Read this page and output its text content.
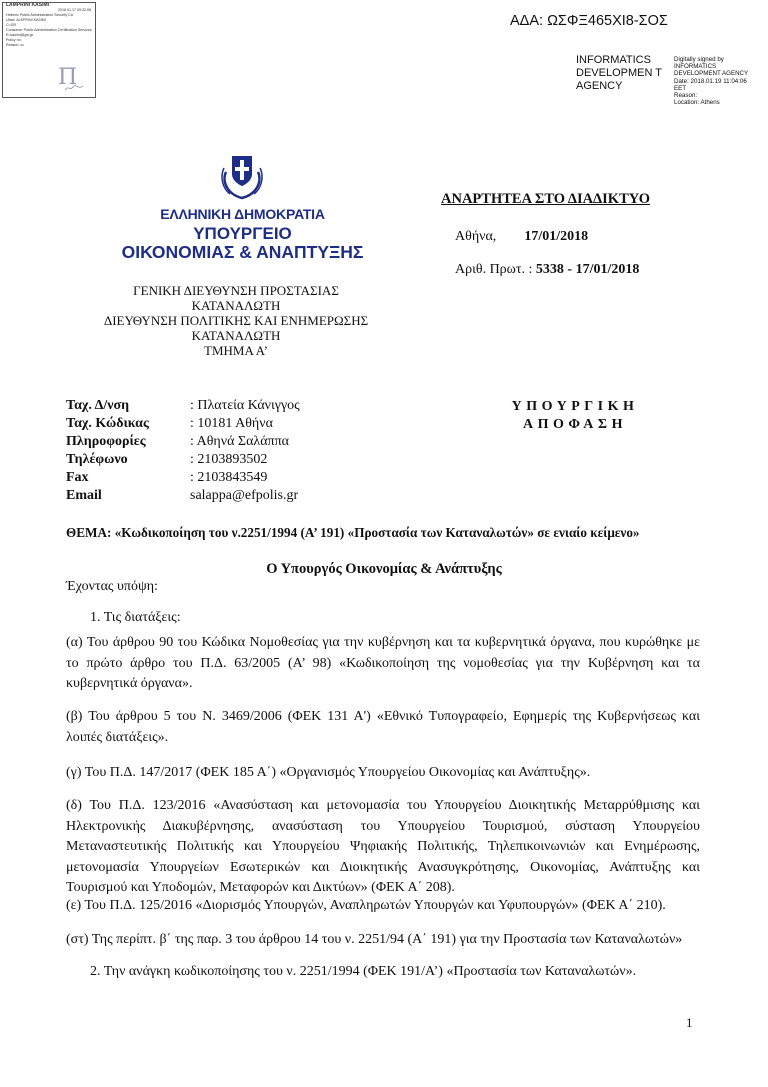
LAMPRINI KASIMI
2018.01.17 09:32:08
Hellenic Public Administration Security CA
Ubsd: ALEPRINI KASIMI
C=GR
Consumer Public Administration Certification Services
E=kasimi@gsi.gr
Policy no:
Reason: cc
Π
ΑΔΑ: ΩΣΦΞ465ΧΙ8-ΣΟΣ
INFORMATICS DEVELOPMEN T AGENCY
Digitally signed by
INFORMATICS
DEVELOPMENT AGENCY
Date: 2018.01.19 11:04:06
EET
Reason:
Location: Athens
ΕΛΛΗΝΙΚΗ ΔΗΜΟΚΡΑΤΙΑ
ΥΠΟΥΡΓΕΙΟ
ΟΙΚΟΝΟΜΙΑΣ & ΑΝΑΠΤΥΞΗΣ
ΑΝΑΡΤΗΤΕΑ ΣΤΟ ΔΙΑΔΙΚΤΥΟ
Αθήνα, 17/01/2018
Αριθ. Πρωτ. : 5338 - 17/01/2018
ΓΕΝΙΚΗ ΔΙΕΥΘΥΝΣΗ ΠΡΟΣΤΑΣΙΑΣ
ΚΑΤΑΝΑΛΩΤΗ
ΔΙΕΥΘΥΝΣΗ ΠΟΛΙΤΙΚΗΣ ΚΑΙ ΕΝΗΜΕΡΩΣΗΣ
ΚΑΤΑΝΑΛΩΤΗ
ΤΜΗΜΑ Α’
Ταχ. Δ/νση	: Πλατεία Κάνιγγος
Ταχ. Κώδικας	: 10181 Αθήνα
Πληροφορίες	: Αθηνά Σαλάππα
Τηλέφωνο	: 2103893502
Fax	: 2103843549
Email	salappa@efpolis.gr
ΥΠΟΥΡΓΙΚΗ
ΑΠΟΦΑΣΗ
ΘΕΜΑ: «Κωδικοποίηση του ν.2251/1994 (Α’ 191) «Προστασία των Καταναλωτών» σε ενιαίο κείμενο»
Ο Υπουργός Οικονομίας & Ανάπτυξης
Έχοντας υπόψη:
1. Τις διατάξεις:
(α) Του άρθρου 90 του Κώδικα Νομοθεσίας για την κυβέρνηση και τα κυβερνητικά όργανα, που κυρώθηκε με το πρώτο άρθρο του Π.Δ. 63/2005 (Α’ 98) «Κωδικοποίηση της νομοθεσίας για την Κυβέρνηση και τα κυβερνητικά όργανα».
(β) Του άρθρου 5 του Ν. 3469/2006 (ΦΕΚ 131 Α') «Εθνικό Τυπογραφείο, Εφημερίς της Κυβερνήσεως και λοιπές διατάξεις».
(γ) Του Π.Δ. 147/2017 (ΦΕΚ 185 Α΄) «Οργανισμός Υπουργείου Οικονομίας και Ανάπτυξης».
(δ) Του Π.Δ. 123/2016 «Ανασύσταση και μετονομασία του Υπουργείου Διοικητικής Μεταρρύθμισης και Ηλεκτρονικής Διακυβέρνησης, ανασύσταση του Υπουργείου Τουρισμού, σύσταση Υπουργείου Μεταναστευτικής Πολιτικής και Υπουργείου Ψηφιακής Πολιτικής, Τηλεπικοινωνιών και Ενημέρωσης, μετονομασία Υπουργείων Εσωτερικών και Διοικητικής Ανασυγκρότησης, Οικονομίας, Ανάπτυξης και Τουρισμού και Υποδομών, Μεταφορών και Δικτύων» (ΦΕΚ Α΄ 208).
(ε) Του Π.Δ. 125/2016 «Διορισμός Υπουργών, Αναπληρωτών Υπουργών και Υφυπουργών» (ΦΕΚ Α΄ 210).
(στ) Της περίπτ. β΄ της παρ. 3 του άρθρου 14 του ν. 2251/94 (Α΄ 191) για την Προστασία των Καταναλωτών»
2. Την ανάγκη κωδικοποίησης του ν. 2251/1994 (ΦΕΚ 191/Α’) «Προστασία των Καταναλωτών».
1
